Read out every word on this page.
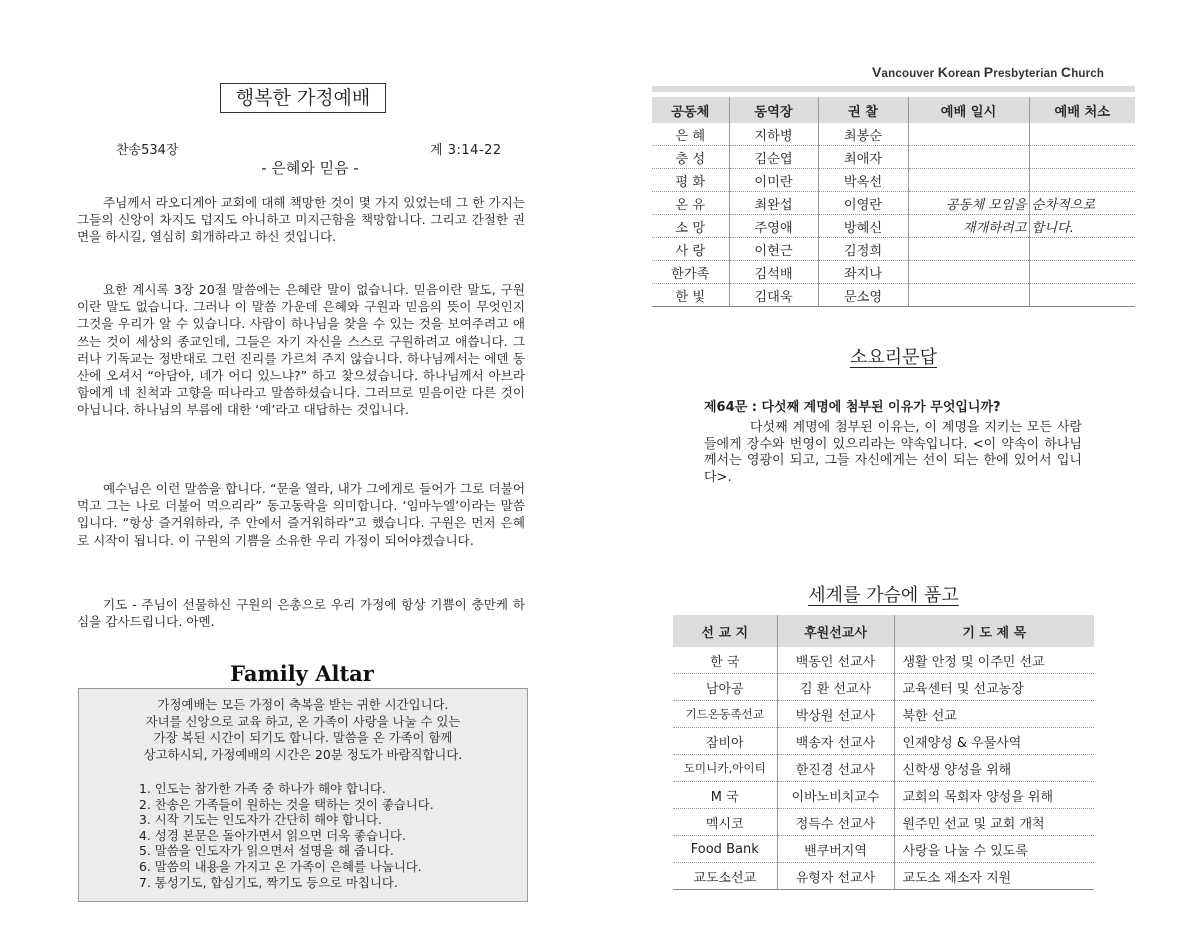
행복한 가정예배
찬송534장	계 3:14-22
- 은혜와 믿음 -

주님께서 라오디게아 교회에 대해 책망한 것이 몇 가지 있었는데 그 한 가지는 그들의 신앙이 차지도 덥지도 아니하고 미지근함을 책망합니다. 그리고 간절한 권면을 하시길, 열심히 회개하라고 하신 것입니다.

요한 계시록 3장 20절 말씀에는 은혜란 말이 없습니다. 믿음이란 말도, 구원이란 말도 없습니다. 그러나 이 말씀 가운데 은혜와 구원과 믿음의 뜻이 무엇인지 그것을 우리가 알 수 있습니다. 사람이 하나님을 찾을 수 있는 것을 보여주려고 애쓰는 것이 세상의 종교인데, 그들은 자기 자신을 스스로 구원하려고 애씁니다. 그러나 기독교는 정반대로 그런 진리를 가르쳐 주지 않습니다. 하나님께서는 에덴 동산에 오셔서 “아담아, 네가 어디 있느냐?” 하고 찾으셨습니다. 하나님께서 아브라함에게 네 친척과 고향을 떠나라고 말씀하셨습니다. 그러므로 믿음이란 다른 것이 아닙니다. 하나님의 부름에 대한 ‘예’라고 대답하는 것입니다.

예수님은 이런 말씀을 합니다. “문을 열라, 내가 그에게로 들어가 그로 더불어 먹고 그는 나로 더불어 먹으리라” 동고동락을 의미합니다. ‘임마누엘’이라는 말씀입니다. “항상 즐거워하라, 주 안에서 즐거워하라”고 했습니다. 구원은 먼저 은혜로 시작이 됩니다. 이 구원의 기쁨을 소유한 우리 가정이 되어야겠습니다.

기도 - 주님이 선물하신 구원의 은총으로 우리 가정에 항상 기쁨이 충만케 하심을 감사드립니다. 아멘.

Family Altar

가정예배는 모든 가정이 축복을 받는 귀한 시간입니다.
자녀를 신앙으로 교육 하고, 온 가족이 사랑을 나눌 수 있는
가장 복된 시간이 되기도 합니다. 말씀을 온 가족이 함께
상고하시되, 가정예배의 시간은 20분 정도가 바람직합니다.

1. 인도는 참가한 가족 중 하나가 해야 합니다.
2. 찬송은 가족들이 원하는 것을 택하는 것이 좋습니다.
3. 시작 기도는 인도자가 간단히 해야 합니다.
4. 성경 본문은 돌아가면서 읽으면 더욱 좋습니다.
5. 말씀을 인도자가 읽으면서 설명을 해 줍니다.
6. 말씀의 내용을 가지고 온 가족이 은혜를 나눕니다.
7. 통성기도, 합심기도, 짝기도 등으로 마칩니다.
Vancouver Korean Presbyterian Church
공동체	동역장	권 찰	예배 일시	예배 처소
은 혜	지하병	최봉순		
충 성	김순엽	최애자		
평 화	이미란	박옥선		
온 유	최완섭	이영란	공동체 모임을	순차적으로
소 망	주영애	방혜신	재개하려고	합니다.
사 랑	이현근	김정희		
한가족	김석배	좌지나		
한 빛	김대욱	문소영		
소요리문답
제64문 : 다섯째 계명에 첨부된 이유가 무엇입니까?

다섯째 계명에 첨부된 이유는, 이 계명을 지키는 모든 사람들에게 장수와 번영이 있으리라는 약속입니다. <이 약속이 하나님께서는 영광이 되고, 그들 자신에게는 선이 되는 한에 있어서 입니다>.

세계를 가슴에 품고
선 교 지	후원선교사	기 도 제 목
한 국	백동인 선교사	생활 안정 및 이주민 선교
남아공	김 환 선교사	교육센터 및 선교농장
기드온동족선교	박상원 선교사	북한 선교
잠비아	백송자 선교사	인재양성 & 우물사역
도미니카,아이티	한진경 선교사	신학생 양성을 위해
M 국	이바노비치교수	교회의 목회자 양성을 위해
멕시코	정득수 선교사	원주민 선교 및 교회 개척
Food Bank	밴쿠버지역	사랑을 나눌 수 있도록
교도소선교	유형자 선교사	교도소 재소자 지원
